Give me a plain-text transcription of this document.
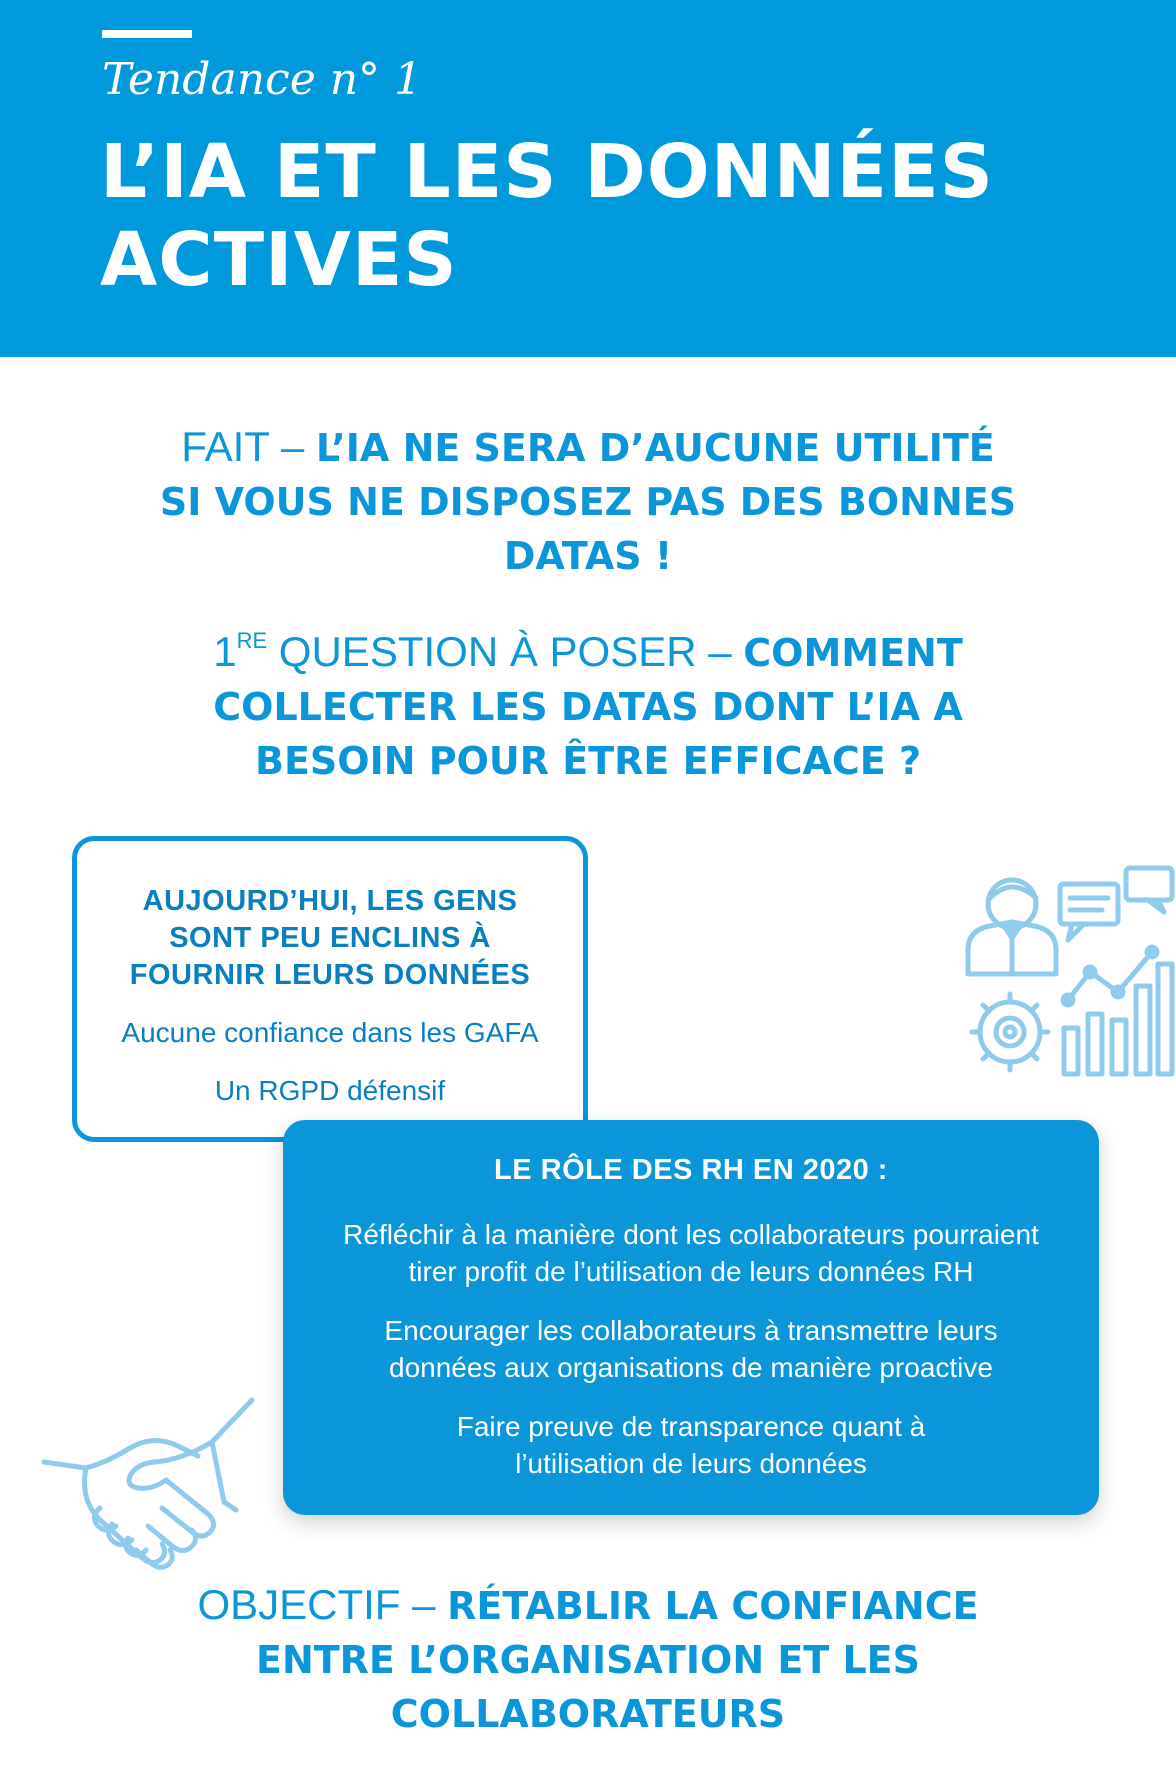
Tendance n° 1
L’IA ET LES DONNÉES
ACTIVES
FAIT – L’IA NE SERA D’AUCUNE UTILITÉ
SI VOUS NE DISPOSEZ PAS DES BONNES
DATAS !
1RE QUESTION À POSER – COMMENT
COLLECTER LES DATAS DONT L’IA A
BESOIN POUR ÊTRE EFFICACE ?
AUJOURD’HUI, LES GENS
SONT PEU ENCLINS À
FOURNIR LEURS DONNÉES
Aucune confiance dans les GAFA
Un RGPD défensif
LE RÔLE DES RH EN 2020 :
Réfléchir à la manière dont les collaborateurs pourraient
tirer profit de l’utilisation de leurs données RH
Encourager les collaborateurs à transmettre leurs
données aux organisations de manière proactive
Faire preuve de transparence quant à
l’utilisation de leurs données
OBJECTIF – RÉTABLIR LA CONFIANCE
ENTRE L’ORGANISATION ET LES
COLLABORATEURS
